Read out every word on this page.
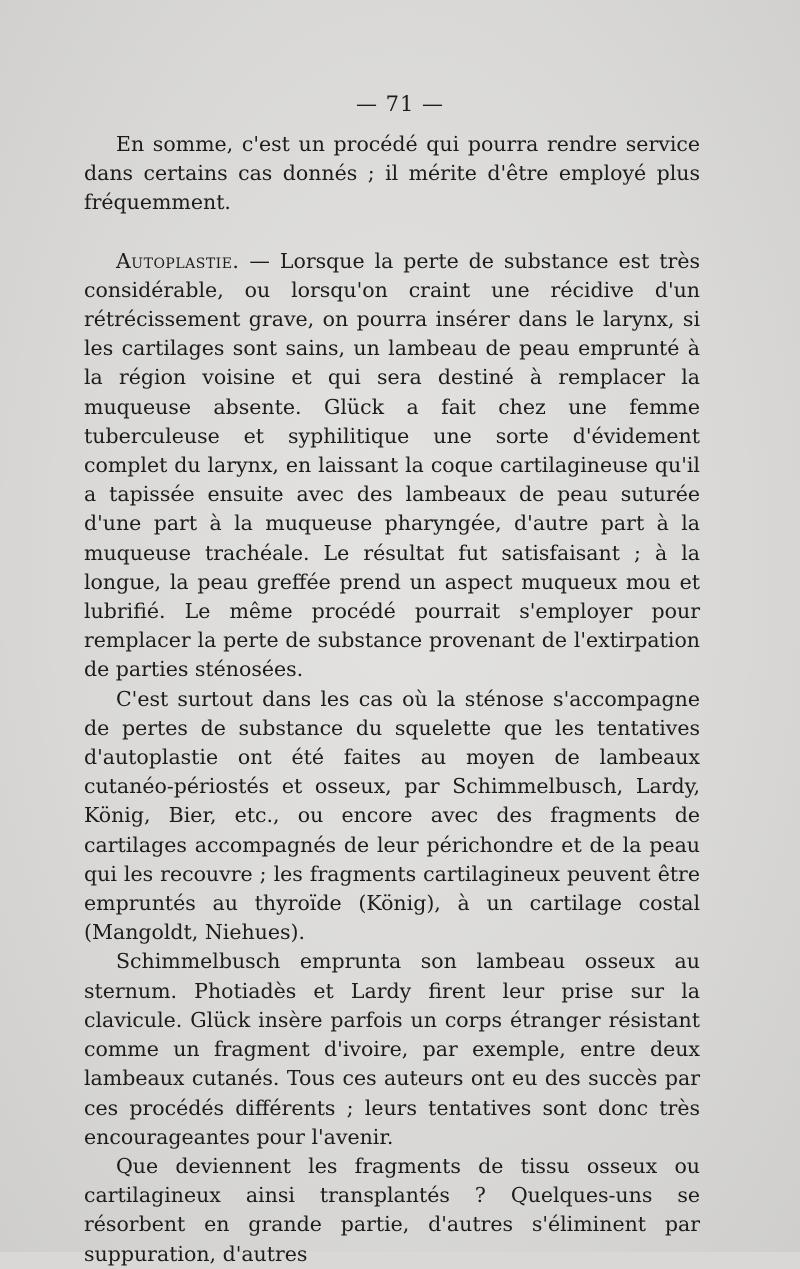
— 71 —

En somme, c'est un procédé qui pourra rendre service dans certains cas donnés ; il mérite d'être employé plus fréquemment.

Autoplastie. — Lorsque la perte de substance est très considérable, ou lorsqu'on craint une récidive d'un rétrécissement grave, on pourra insérer dans le larynx, si les cartilages sont sains, un lambeau de peau emprunté à la région voisine et qui sera destiné à remplacer la muqueuse absente. Glück a fait chez une femme tuberculeuse et syphilitique une sorte d'évidement complet du larynx, en laissant la coque cartilagineuse qu'il a tapissée ensuite avec des lambeaux de peau suturée d'une part à la muqueuse pharyngée, d'autre part à la muqueuse trachéale. Le résultat fut satisfaisant ; à la longue, la peau greffée prend un aspect muqueux mou et lubrifié. Le même procédé pourrait s'employer pour remplacer la perte de substance provenant de l'extirpation de parties sténosées.

C'est surtout dans les cas où la sténose s'accompagne de pertes de substance du squelette que les tentatives d'autoplastie ont été faites au moyen de lambeaux cutanéo-périostés et osseux, par Schimmelbusch, Lardy, König, Bier, etc., ou encore avec des fragments de cartilages accompagnés de leur périchondre et de la peau qui les recouvre ; les fragments cartilagineux peuvent être empruntés au thyroïde (König), à un cartilage costal (Mangoldt, Niehues).

Schimmelbusch emprunta son lambeau osseux au sternum. Photiadès et Lardy firent leur prise sur la clavicule. Glück insère parfois un corps étranger résistant comme un fragment d'ivoire, par exemple, entre deux lambeaux cutanés. Tous ces auteurs ont eu des succès par ces procédés différents ; leurs tentatives sont donc très encourageantes pour l'avenir.

Que deviennent les fragments de tissu osseux ou cartilagineux ainsi transplantés ? Quelques-uns se résorbent en grande partie, d'autres s'éliminent par suppuration, d'autres
